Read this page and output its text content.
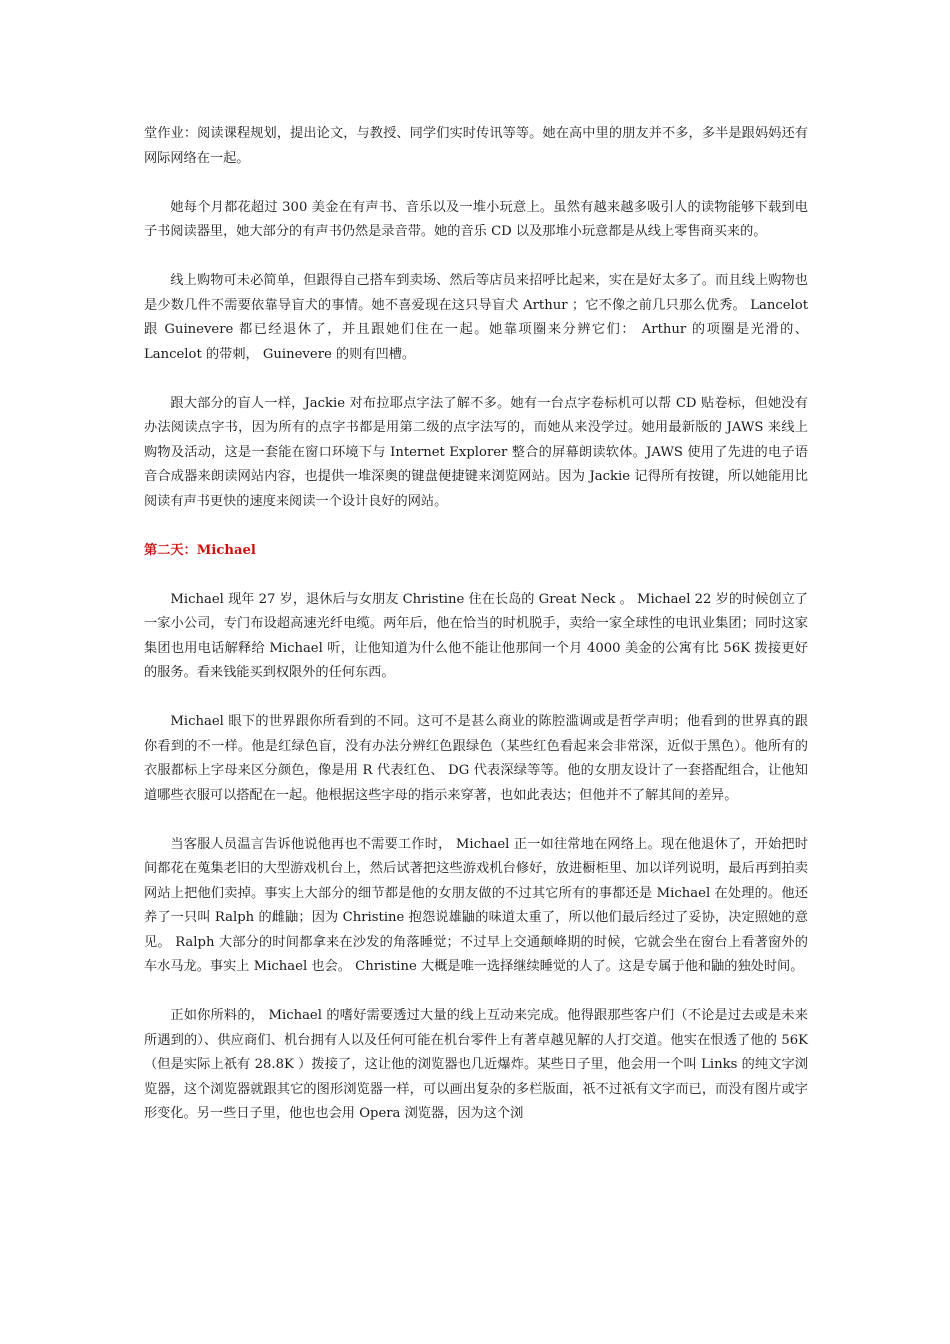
堂作业：阅读课程规划，提出论文，与教授、同学们实时传讯等等。她在高中里的朋友并不多，多半是跟妈妈还有网际网络在一起。

她每个月都花超过 300 美金在有声书、音乐以及一堆小玩意上。虽然有越来越多吸引人的读物能够下载到电子书阅读器里，她大部分的有声书仍然是录音带。她的音乐 CD 以及那堆小玩意都是从线上零售商买来的。

线上购物可未必简单，但跟得自己搭车到卖场、然后等店员来招呼比起来，实在是好太多了。而且线上购物也是少数几件不需要依靠导盲犬的事情。她不喜爱现在这只导盲犬 Arthur ；它不像之前几只那么优秀。 Lancelot 跟 Guinevere 都已经退休了，并且跟她们住在一起。她靠项圈来分辨它们： Arthur 的项圈是光滑的、 Lancelot 的带刺， Guinevere 的则有凹槽。

跟大部分的盲人一样，Jackie 对布拉耶点字法了解不多。她有一台点字卷标机可以帮 CD 贴卷标，但她没有办法阅读点字书，因为所有的点字书都是用第二级的点字法写的，而她从来没学过。她用最新版的 JAWS 来线上购物及活动，这是一套能在窗口环境下与 Internet Explorer 整合的屏幕朗读软体。JAWS 使用了先进的电子语音合成器来朗读网站内容，也提供一堆深奥的键盘便捷键来浏览网站。因为 Jackie 记得所有按键，所以她能用比阅读有声书更快的速度来阅读一个设计良好的网站。

第二天：Michael

Michael 现年 27 岁，退休后与女朋友 Christine 住在长岛的 Great Neck 。 Michael 22 岁的时候创立了一家小公司，专门布设超高速光纤电缆。两年后，他在恰当的时机脱手，卖给一家全球性的电讯业集团；同时这家集团也用电话解释给 Michael 听，让他知道为什么他不能让他那间一个月 4000 美金的公寓有比 56K 拨接更好的服务。看来钱能买到权限外的任何东西。

Michael 眼下的世界跟你所看到的不同。这可不是甚么商业的陈腔滥调或是哲学声明；他看到的世界真的跟你看到的不一样。他是红绿色盲，没有办法分辨红色跟绿色（某些红色看起来会非常深，近似于黑色）。他所有的衣服都标上字母来区分颜色，像是用 R 代表红色、 DG 代表深绿等等。他的女朋友设计了一套搭配组合，让他知道哪些衣服可以搭配在一起。他根据这些字母的指示来穿著，也如此表达；但他并不了解其间的差异。

当客服人员温言告诉他说他再也不需要工作时， Michael 正一如往常地在网络上。现在他退休了，开始把时间都花在蒐集老旧的大型游戏机台上，然后试著把这些游戏机台修好，放进橱柜里、加以详列说明，最后再到拍卖网站上把他们卖掉。事实上大部分的细节都是他的女朋友做的不过其它所有的事都还是 Michael 在处理的。他还养了一只叫 Ralph 的雌鼬；因为 Christine 抱怨说雄鼬的味道太重了，所以他们最后经过了妥协，决定照她的意见。 Ralph 大部分的时间都拿来在沙发的角落睡觉；不过早上交通颠峰期的时候，它就会坐在窗台上看著窗外的车水马龙。事实上 Michael 也会。 Christine 大概是唯一选择继续睡觉的人了。这是专属于他和鼬的独处时间。

正如你所料的， Michael 的嗜好需要透过大量的线上互动来完成。他得跟那些客户们（不论是过去或是未来所遇到的）、供应商们、机台拥有人以及任何可能在机台零件上有著卓越见解的人打交道。他实在恨透了他的 56K （但是实际上祇有 28.8K ）拨接了，这让他的浏览器也几近爆炸。某些日子里，他会用一个叫 Links 的纯文字浏览器，这个浏览器就跟其它的图形浏览器一样，可以画出复杂的多栏版面，祇不过祇有文字而已，而没有图片或字形变化。另一些日子里，他也也会用 Opera 浏览器，因为这个浏
